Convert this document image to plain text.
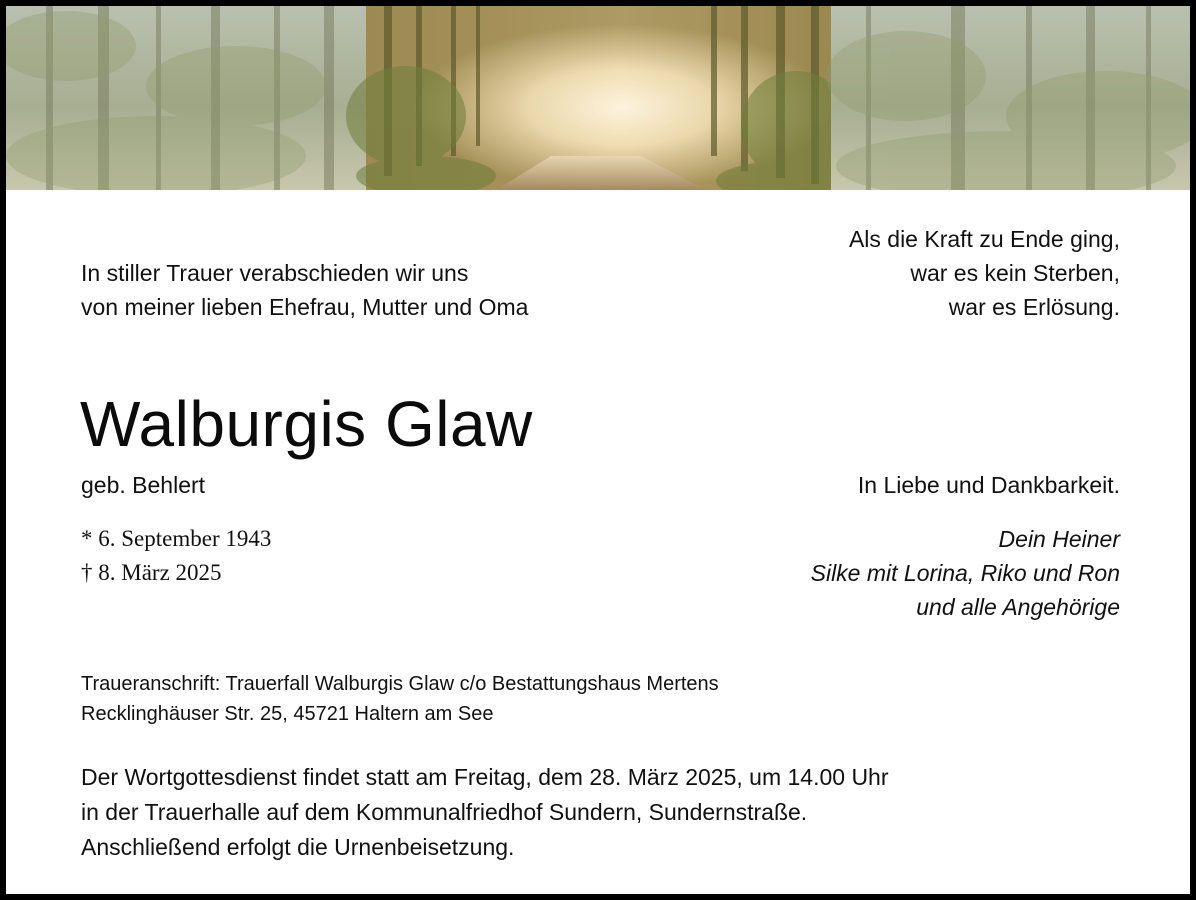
In stiller Trauer verabschieden wir uns
von meiner lieben Ehefrau, Mutter und Oma
Als die Kraft zu Ende ging,
war es kein Sterben,
war es Erlösung.
Walburgis Glaw
geb. Behlert
* 6. September 1943
† 8. März 2025
In Liebe und Dankbarkeit.
Dein Heiner
Silke mit Lorina, Riko und Ron
und alle Angehörige
Traueranschrift: Trauerfall Walburgis Glaw c/o Bestattungshaus Mertens
Recklinghäuser Str. 25, 45721 Haltern am See
Der Wortgottesdienst findet statt am Freitag, dem 28. März 2025, um 14.00 Uhr
in der Trauerhalle auf dem Kommunalfriedhof Sundern, Sundernstraße.
Anschließend erfolgt die Urnenbeisetzung.
